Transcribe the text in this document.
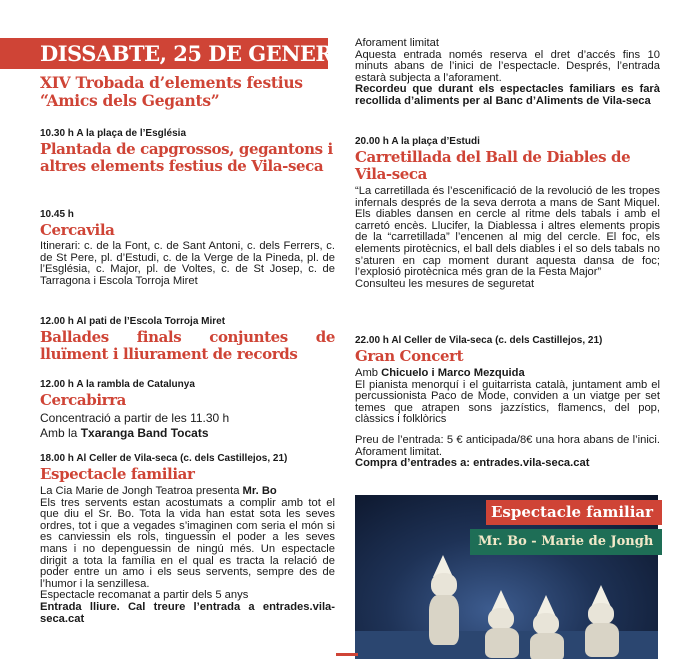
DISSABTE, 25 DE GENER
XIV Trobada d’elements festius “Amics dels Gegants”
10.30 h A la plaça de l’Església
Plantada de capgrossos, gegantons i altres elements festius de Vila-seca
10.45 h
Cercavila
Itinerari: c. de la Font, c. de Sant Antoni, c. dels Ferrers, c. de St Pere, pl. d’Estudi, c. de la Verge de la Pineda, pl. de l’Església, c. Major, pl. de Voltes, c. de St Josep, c. de Tarragona i Escola Torroja Miret
12.00 h Al pati de l’Escola Torroja Miret
Ballades finals conjuntes de lluïment i lliurament de records
12.00 h A la rambla de Catalunya
Cercabirra

Concentració a partir de les 11.30 h

Amb la Txaranga Band Tocats

18.00 h Al Celler de Vila-seca (c. dels Castillejos, 21)
Espectacle familiar

La Cia Marie de Jongh Teatroa presenta Mr. Bo

Els tres servents estan acostumats a complir amb tot el que diu el Sr. Bo. Tota la vida han estat sota les seves ordres, tot i que a vegades s’imaginen com seria el món si es canviessin els rols, tinguessin el poder a les seves mans i no depenguessin de ningú més. Un espectacle dirigit a tota la família en el qual es tracta la relació de poder entre un amo i els seus servents, sempre des de l’humor i la senzillesa.

Espectacle recomanat a partir dels 5 anys

Entrada lliure. Cal treure l’entrada a entrades.vila-seca.cat

Aforament limitat

Aquesta entrada només reserva el dret d’accés fins 10 minuts abans de l’inici de l’espectacle. Després, l’entrada estarà subjecta a l’aforament.

Recordeu que durant els espectacles familiars es farà recollida d’aliments per al Banc d’Aliments de Vila-seca

20.00 h A la plaça d’Estudi
Carretillada del Ball de Diables de Vila-seca

“La carretillada és l’escenificació de la revolució de les tropes infernals després de la seva derrota a mans de Sant Miquel. Els diables dansen en cercle al ritme dels tabals i amb el carretó encès. Llucifer, la Diablessa i altres elements propis de la “carretillada” l’encenen al mig del cercle. El foc, els elements pirotècnics, el ball dels diables i el so dels tabals no s’aturen en cap moment durant aquesta dansa de foc; l’explosió pirotècnica més gran de la Festa Major”

Consulteu les mesures de seguretat

22.00 h Al Celler de Vila-seca (c. dels Castillejos, 21)
Gran Concert

Amb Chicuelo i Marco Mezquida

El pianista menorquí i el guitarrista català, juntament amb el percussionista Paco de Mode, conviden a un viatge per set temes que atrapen sons jazzístics, flamencs, del pop, clàssics i folklòrics

Preu de l’entrada: 5 € anticipada/8€ una hora abans de l’inici. Aforament limitat.

Compra d’entrades a: entrades.vila-seca.cat

Espectacle familiar
Mr. Bo - Marie de Jongh
